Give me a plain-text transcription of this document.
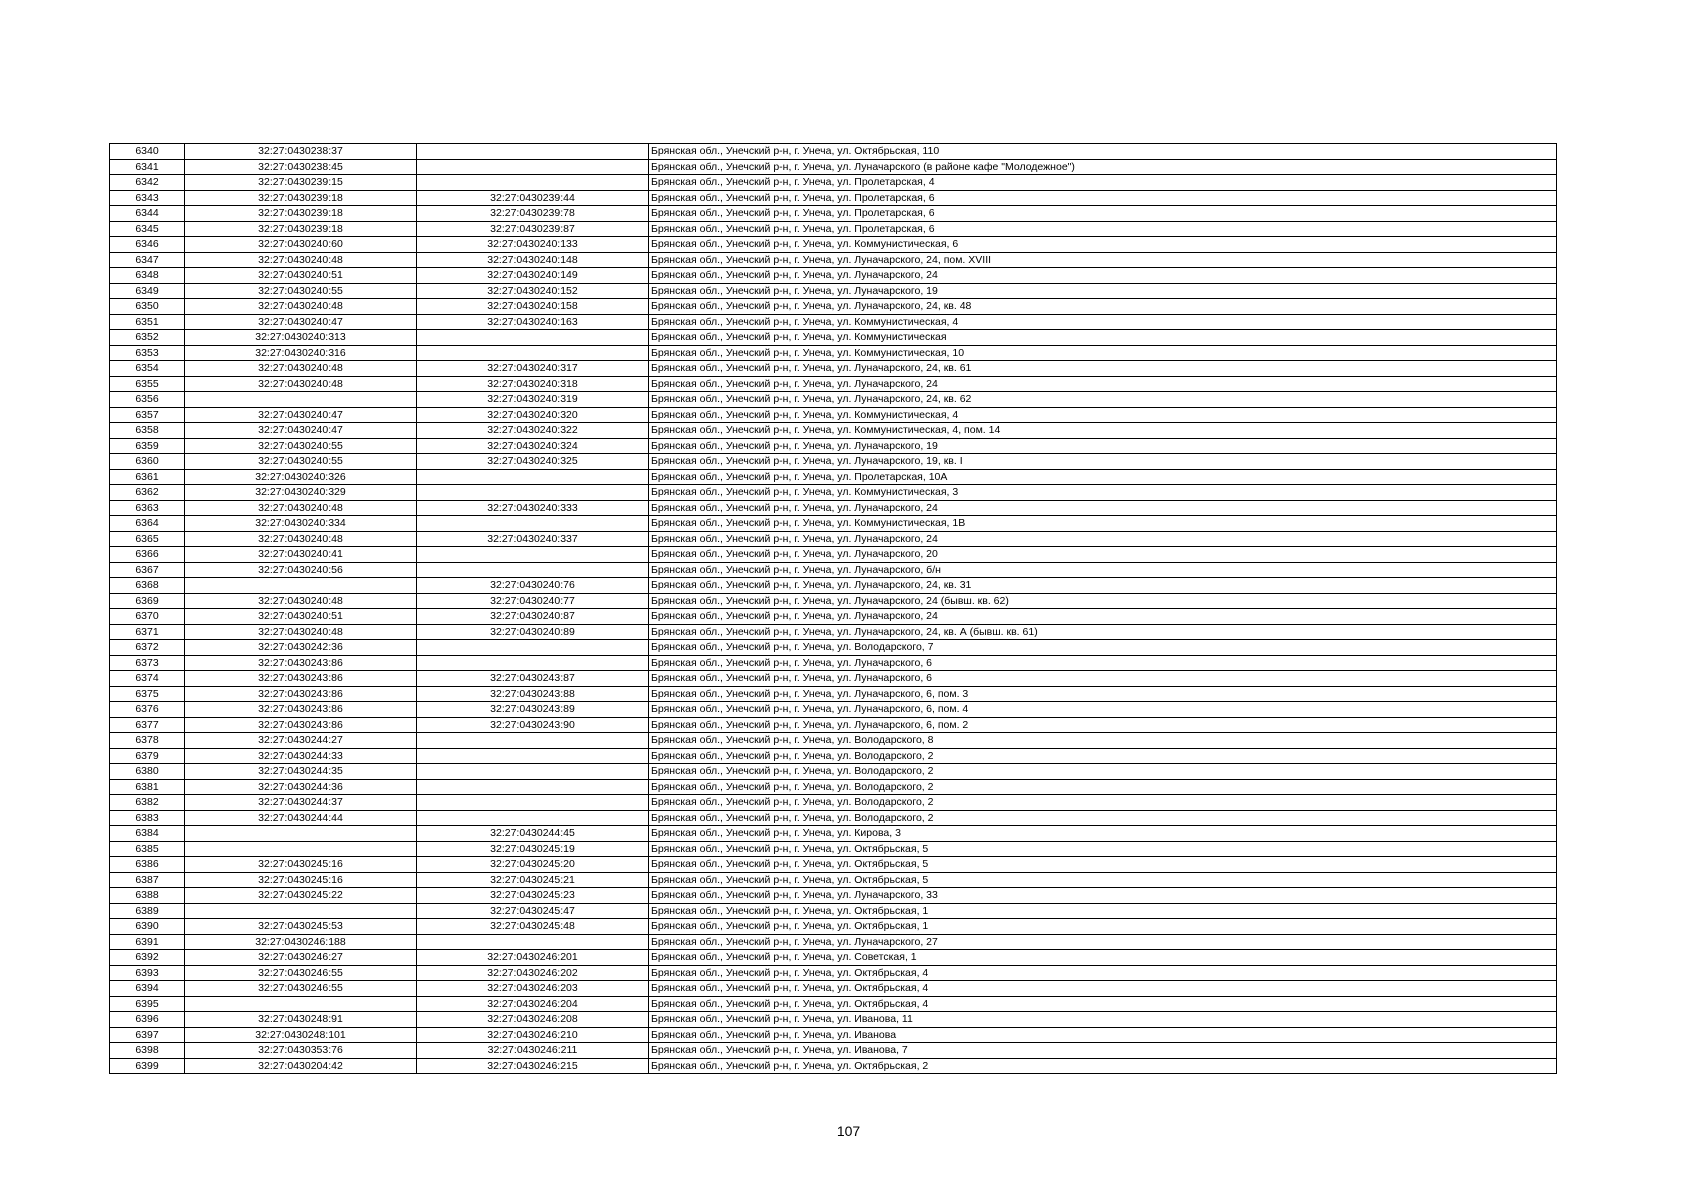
6340	32:27:0430238:37		Брянская обл., Унечский р-н, г. Унеча, ул. Октябрьская, 110
6341	32:27:0430238:45		Брянская обл., Унечский р-н, г. Унеча, ул. Луначарского (в районе кафе "Молодежное")
6342	32:27:0430239:15		Брянская обл., Унечский р-н, г. Унеча, ул. Пролетарская, 4
6343	32:27:0430239:18	32:27:0430239:44	Брянская обл., Унечский р-н, г. Унеча, ул. Пролетарская, 6
6344	32:27:0430239:18	32:27:0430239:78	Брянская обл., Унечский р-н, г. Унеча, ул. Пролетарская, 6
6345	32:27:0430239:18	32:27:0430239:87	Брянская обл., Унечский р-н, г. Унеча, ул. Пролетарская, 6
6346	32:27:0430240:60	32:27:0430240:133	Брянская обл., Унечский р-н, г. Унеча, ул. Коммунистическая, 6
6347	32:27:0430240:48	32:27:0430240:148	Брянская обл., Унечский р-н, г. Унеча, ул. Луначарского, 24, пом. XVIII
6348	32:27:0430240:51	32:27:0430240:149	Брянская обл., Унечский р-н, г. Унеча, ул. Луначарского, 24
6349	32:27:0430240:55	32:27:0430240:152	Брянская обл., Унечский р-н, г. Унеча, ул. Луначарского, 19
6350	32:27:0430240:48	32:27:0430240:158	Брянская обл., Унечский р-н, г. Унеча, ул. Луначарского, 24, кв. 48
6351	32:27:0430240:47	32:27:0430240:163	Брянская обл., Унечский р-н, г. Унеча, ул. Коммунистическая, 4
6352	32:27:0430240:313		Брянская обл., Унечский р-н, г. Унеча, ул. Коммунистическая
6353	32:27:0430240:316		Брянская обл., Унечский р-н, г. Унеча, ул. Коммунистическая, 10
6354	32:27:0430240:48	32:27:0430240:317	Брянская обл., Унечский р-н, г. Унеча, ул. Луначарского, 24, кв. 61
6355	32:27:0430240:48	32:27:0430240:318	Брянская обл., Унечский р-н, г. Унеча, ул. Луначарского, 24
6356		32:27:0430240:319	Брянская обл., Унечский р-н, г. Унеча, ул. Луначарского, 24, кв. 62
6357	32:27:0430240:47	32:27:0430240:320	Брянская обл., Унечский р-н, г. Унеча, ул. Коммунистическая, 4
6358	32:27:0430240:47	32:27:0430240:322	Брянская обл., Унечский р-н, г. Унеча, ул. Коммунистическая, 4, пом. 14
6359	32:27:0430240:55	32:27:0430240:324	Брянская обл., Унечский р-н, г. Унеча, ул. Луначарского, 19
6360	32:27:0430240:55	32:27:0430240:325	Брянская обл., Унечский р-н, г. Унеча, ул. Луначарского, 19, кв. I
6361	32:27:0430240:326		Брянская обл., Унечский р-н, г. Унеча, ул. Пролетарская, 10А
6362	32:27:0430240:329		Брянская обл., Унечский р-н, г. Унеча, ул. Коммунистическая, 3
6363	32:27:0430240:48	32:27:0430240:333	Брянская обл., Унечский р-н, г. Унеча, ул. Луначарского, 24
6364	32:27:0430240:334		Брянская обл., Унечский р-н, г. Унеча, ул. Коммунистическая, 1В
6365	32:27:0430240:48	32:27:0430240:337	Брянская обл., Унечский р-н, г. Унеча, ул. Луначарского, 24
6366	32:27:0430240:41		Брянская обл., Унечский р-н, г. Унеча, ул. Луначарского, 20
6367	32:27:0430240:56		Брянская обл., Унечский р-н, г. Унеча, ул. Луначарского, б/н
6368		32:27:0430240:76	Брянская обл., Унечский р-н, г. Унеча, ул. Луначарского, 24, кв. 31
6369	32:27:0430240:48	32:27:0430240:77	Брянская обл., Унечский р-н, г. Унеча, ул. Луначарского, 24 (бывш. кв. 62)
6370	32:27:0430240:51	32:27:0430240:87	Брянская обл., Унечский р-н, г. Унеча, ул. Луначарского, 24
6371	32:27:0430240:48	32:27:0430240:89	Брянская обл., Унечский р-н, г. Унеча, ул. Луначарского, 24, кв. А (бывш. кв. 61)
6372	32:27:0430242:36		Брянская обл., Унечский р-н, г. Унеча, ул. Володарского, 7
6373	32:27:0430243:86		Брянская обл., Унечский р-н, г. Унеча, ул. Луначарского, 6
6374	32:27:0430243:86	32:27:0430243:87	Брянская обл., Унечский р-н, г. Унеча, ул. Луначарского, 6
6375	32:27:0430243:86	32:27:0430243:88	Брянская обл., Унечский р-н, г. Унеча, ул. Луначарского, 6, пом. 3
6376	32:27:0430243:86	32:27:0430243:89	Брянская обл., Унечский р-н, г. Унеча, ул. Луначарского, 6, пом. 4
6377	32:27:0430243:86	32:27:0430243:90	Брянская обл., Унечский р-н, г. Унеча, ул. Луначарского, 6, пом. 2
6378	32:27:0430244:27		Брянская обл., Унечский р-н, г. Унеча, ул. Володарского, 8
6379	32:27:0430244:33		Брянская обл., Унечский р-н, г. Унеча, ул. Володарского, 2
6380	32:27:0430244:35		Брянская обл., Унечский р-н, г. Унеча, ул. Володарского, 2
6381	32:27:0430244:36		Брянская обл., Унечский р-н, г. Унеча, ул. Володарского, 2
6382	32:27:0430244:37		Брянская обл., Унечский р-н, г. Унеча, ул. Володарского, 2
6383	32:27:0430244:44		Брянская обл., Унечский р-н, г. Унеча, ул. Володарского, 2
6384		32:27:0430244:45	Брянская обл., Унечский р-н, г. Унеча, ул. Кирова, 3
6385		32:27:0430245:19	Брянская обл., Унечский р-н, г. Унеча, ул. Октябрьская, 5
6386	32:27:0430245:16	32:27:0430245:20	Брянская обл., Унечский р-н, г. Унеча, ул. Октябрьская, 5
6387	32:27:0430245:16	32:27:0430245:21	Брянская обл., Унечский р-н, г. Унеча, ул. Октябрьская, 5
6388	32:27:0430245:22	32:27:0430245:23	Брянская обл., Унечский р-н, г. Унеча, ул. Луначарского, 33
6389		32:27:0430245:47	Брянская обл., Унечский р-н, г. Унеча, ул. Октябрьская, 1
6390	32:27:0430245:53	32:27:0430245:48	Брянская обл., Унечский р-н, г. Унеча, ул. Октябрьская, 1
6391	32:27:0430246:188		Брянская обл., Унечский р-н, г. Унеча, ул. Луначарского, 27
6392	32:27:0430246:27	32:27:0430246:201	Брянская обл., Унечский р-н, г. Унеча, ул. Советская, 1
6393	32:27:0430246:55	32:27:0430246:202	Брянская обл., Унечский р-н, г. Унеча, ул. Октябрьская, 4
6394	32:27:0430246:55	32:27:0430246:203	Брянская обл., Унечский р-н, г. Унеча, ул. Октябрьская, 4
6395		32:27:0430246:204	Брянская обл., Унечский р-н, г. Унеча, ул. Октябрьская, 4
6396	32:27:0430248:91	32:27:0430246:208	Брянская обл., Унечский р-н, г. Унеча, ул. Иванова, 11
6397	32:27:0430248:101	32:27:0430246:210	Брянская обл., Унечский р-н, г. Унеча, ул. Иванова
6398	32:27:0430353:76	32:27:0430246:211	Брянская обл., Унечский р-н, г. Унеча, ул. Иванова, 7
6399	32:27:0430204:42	32:27:0430246:215	Брянская обл., Унечский р-н, г. Унеча, ул. Октябрьская, 2
107
